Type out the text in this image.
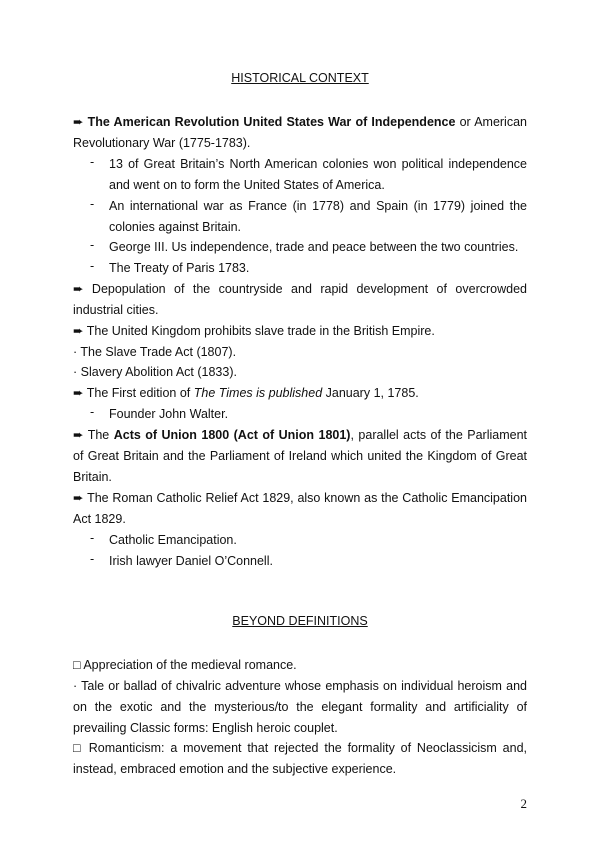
HISTORICAL CONTEXT
➨ The American Revolution United States War of Independence or American Revolutionary War (1775-1783).
- 13 of Great Britain’s North American colonies won political independence and went on to form the United States of America.
- An international war as France (in 1778) and Spain (in 1779) joined the colonies against Britain.
- George III. Us independence, trade and peace between the two countries.
- The Treaty of Paris 1783.
➨ Depopulation of the countryside and rapid development of overcrowded industrial cities.
➨ The United Kingdom prohibits slave trade in the British Empire.
· The Slave Trade Act (1807).
· Slavery Abolition Act (1833).
➨ The First edition of The Times is published January 1, 1785.
- Founder John Walter.
➨ The Acts of Union 1800 (Act of Union 1801), parallel acts of the Parliament of Great Britain and the Parliament of Ireland which united the Kingdom of Great Britain.
➨ The Roman Catholic Relief Act 1829, also known as the Catholic Emancipation Act 1829.
- Catholic Emancipation.
- Irish lawyer Daniel O’Connell.
BEYOND DEFINITIONS
□ Appreciation of the medieval romance.
· Tale or ballad of chivalric adventure whose emphasis on individual heroism and on the exotic and the mysterious/to the elegant formality and artificiality of prevailing Classic forms: English heroic couplet.
□ Romanticism: a movement that rejected the formality of Neoclassicism and, instead, embraced emotion and the subjective experience.
2
